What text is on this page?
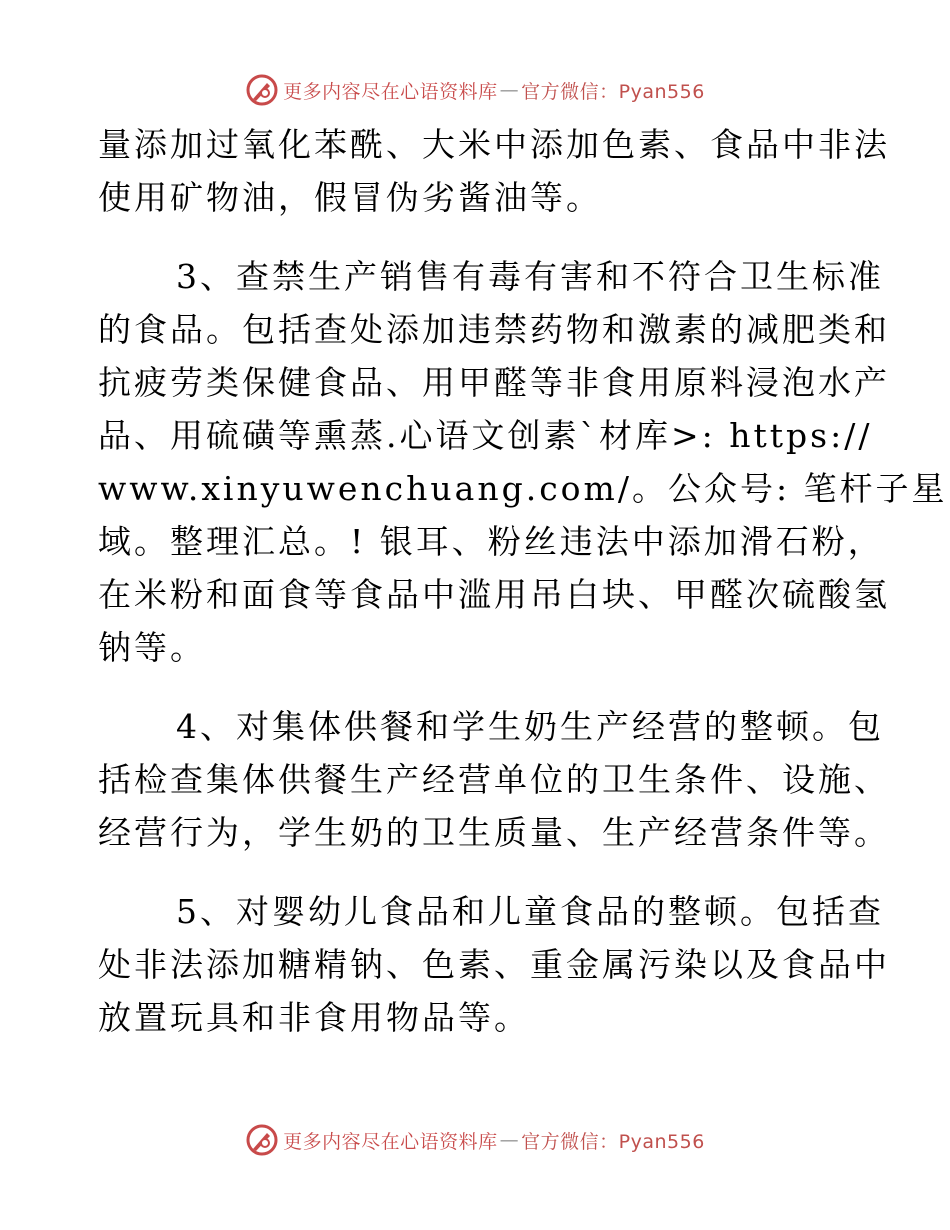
更多内容尽在心语资料库 — 官方微信：Pyan556
量添加过氧化苯酰、大米中添加色素、食品中非法
使用矿物油，假冒伪劣酱油等。
3、查禁生产销售有毒有害和不符合卫生标准
的食品。包括查处添加违禁药物和激素的减肥类和
抗疲劳类保健食品、用甲醛等非食用原料浸泡水产
品、用硫磺等熏蒸.心语文创素`材库>: https://
www.xinyuwenchuang.com/。公众号: 笔杆子星
域。整理汇总。! 银耳、粉丝违法中添加滑石粉，
在米粉和面食等食品中滥用吊白块、甲醛次硫酸氢
钠等。
4、对集体供餐和学生奶生产经营的整顿。包
括检查集体供餐生产经营单位的卫生条件、设施、
经营行为，学生奶的卫生质量、生产经营条件等。
5、对婴幼儿食品和儿童食品的整顿。包括查
处非法添加糖精钠、色素、重金属污染以及食品中
放置玩具和非食用物品等。
更多内容尽在心语资料库 — 官方微信：Pyan556
